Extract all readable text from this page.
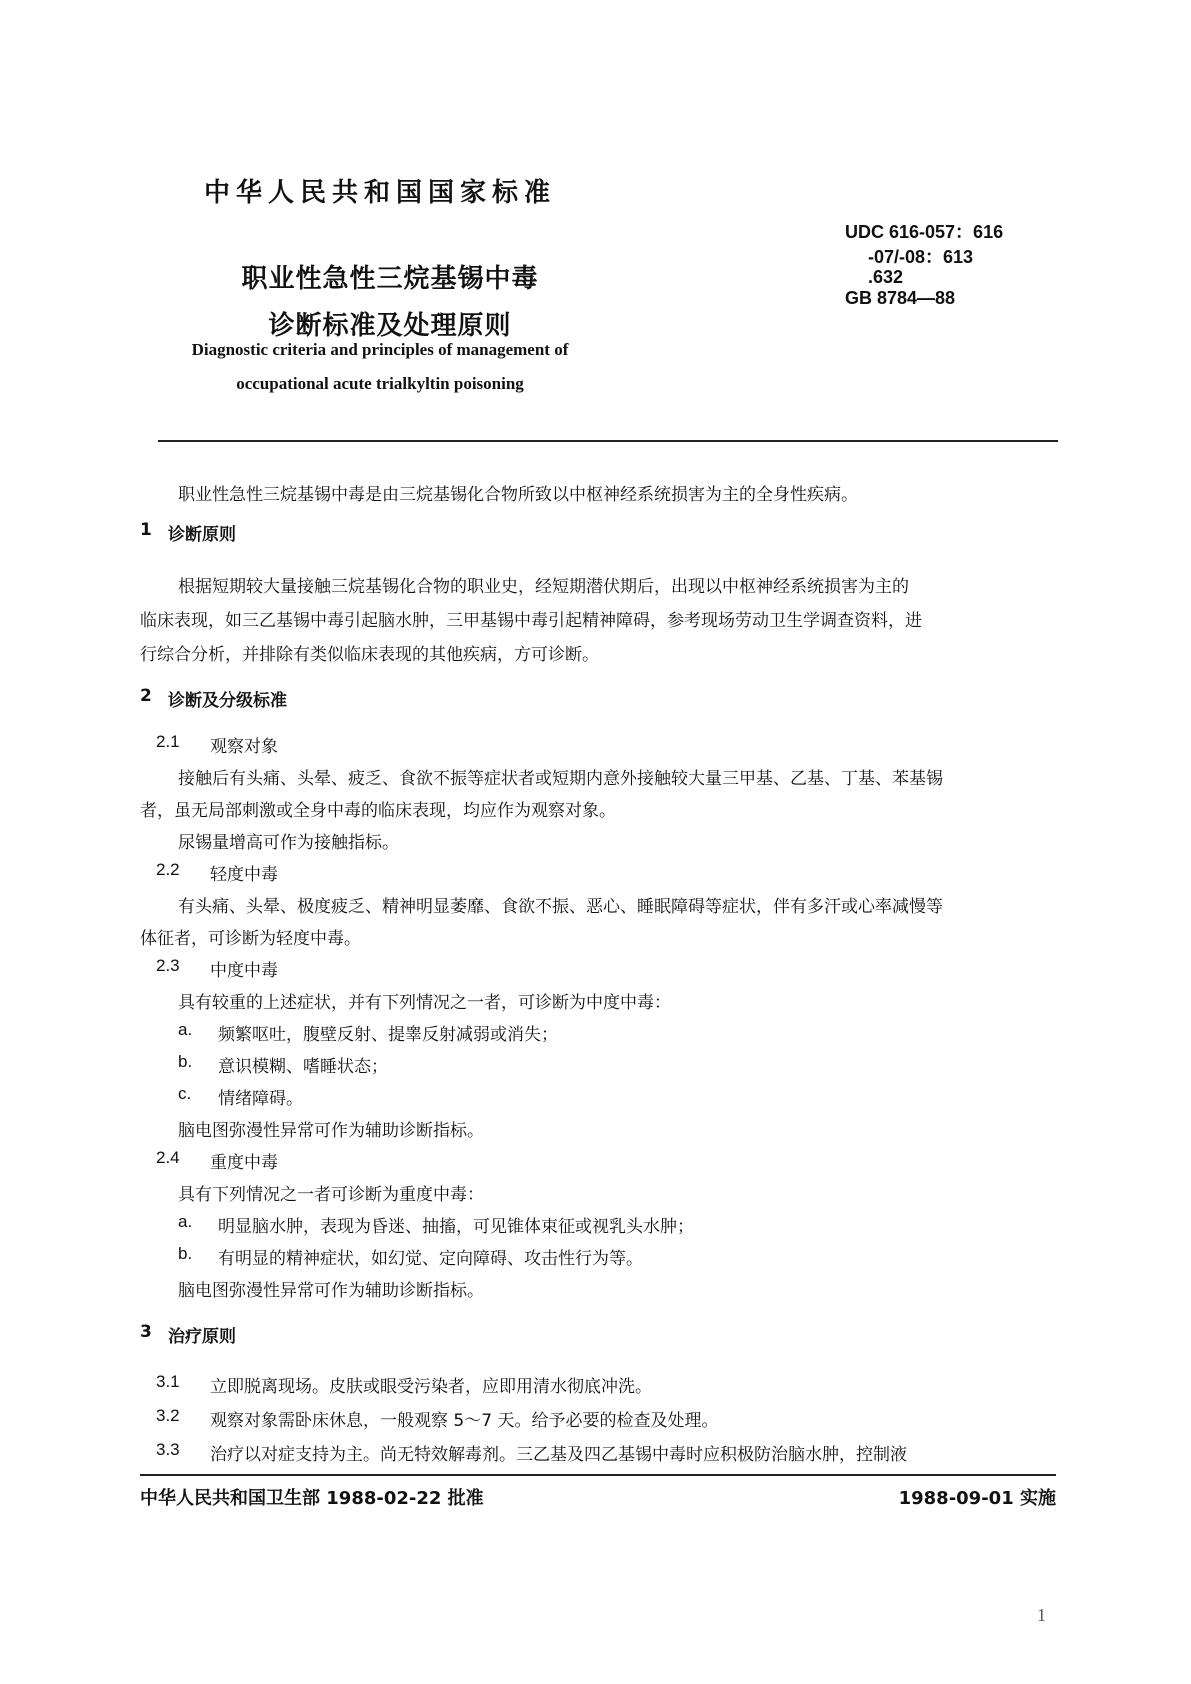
中华人民共和国国家标准
职业性急性三烷基锡中毒
诊断标准及处理原则
UDC 616-057：616
-07/-08：613
.632
GB 8784—88
Diagnostic criteria and principles of management of
occupational acute trialkyltin poisoning
职业性急性三烷基锡中毒是由三烷基锡化合物所致以中枢神经系统损害为主的全身性疾病。
1 诊断原则
根据短期较大量接触三烷基锡化合物的职业史，经短期潜伏期后，出现以中枢神经系统损害为主的
临床表现，如三乙基锡中毒引起脑水肿，三甲基锡中毒引起精神障碍，参考现场劳动卫生学调查资料，进
行综合分析，并排除有类似临床表现的其他疾病，方可诊断。
2 诊断及分级标准
2.1 观察对象
接触后有头痛、头晕、疲乏、食欲不振等症状者或短期内意外接触较大量三甲基、乙基、丁基、苯基锡
者，虽无局部刺激或全身中毒的临床表现，均应作为观察对象。
尿锡量增高可作为接触指标。
2.2 轻度中毒
有头痛、头晕、极度疲乏、精神明显萎靡、食欲不振、恶心、睡眠障碍等症状，伴有多汗或心率减慢等
体征者，可诊断为轻度中毒。
2.3 中度中毒
具有较重的上述症状，并有下列情况之一者，可诊断为中度中毒：
a. 频繁呕吐，腹壁反射、提睾反射减弱或消失；
b. 意识模糊、嗜睡状态；
c. 情绪障碍。
脑电图弥漫性异常可作为辅助诊断指标。
2.4 重度中毒
具有下列情况之一者可诊断为重度中毒：
a. 明显脑水肿，表现为昏迷、抽搐，可见锥体束征或视乳头水肿；
b. 有明显的精神症状，如幻觉、定向障碍、攻击性行为等。
脑电图弥漫性异常可作为辅助诊断指标。
3 治疗原则
3.1 立即脱离现场。皮肤或眼受污染者，应即用清水彻底冲洗。
3.2 观察对象需卧床休息，一般观察 5～7 天。给予必要的检查及处理。
3.3 治疗以对症支持为主。尚无特效解毒剂。三乙基及四乙基锡中毒时应积极防治脑水肿，控制液
中华人民共和国卫生部 1988-02-22 批准	1988-09-01 实施
1
